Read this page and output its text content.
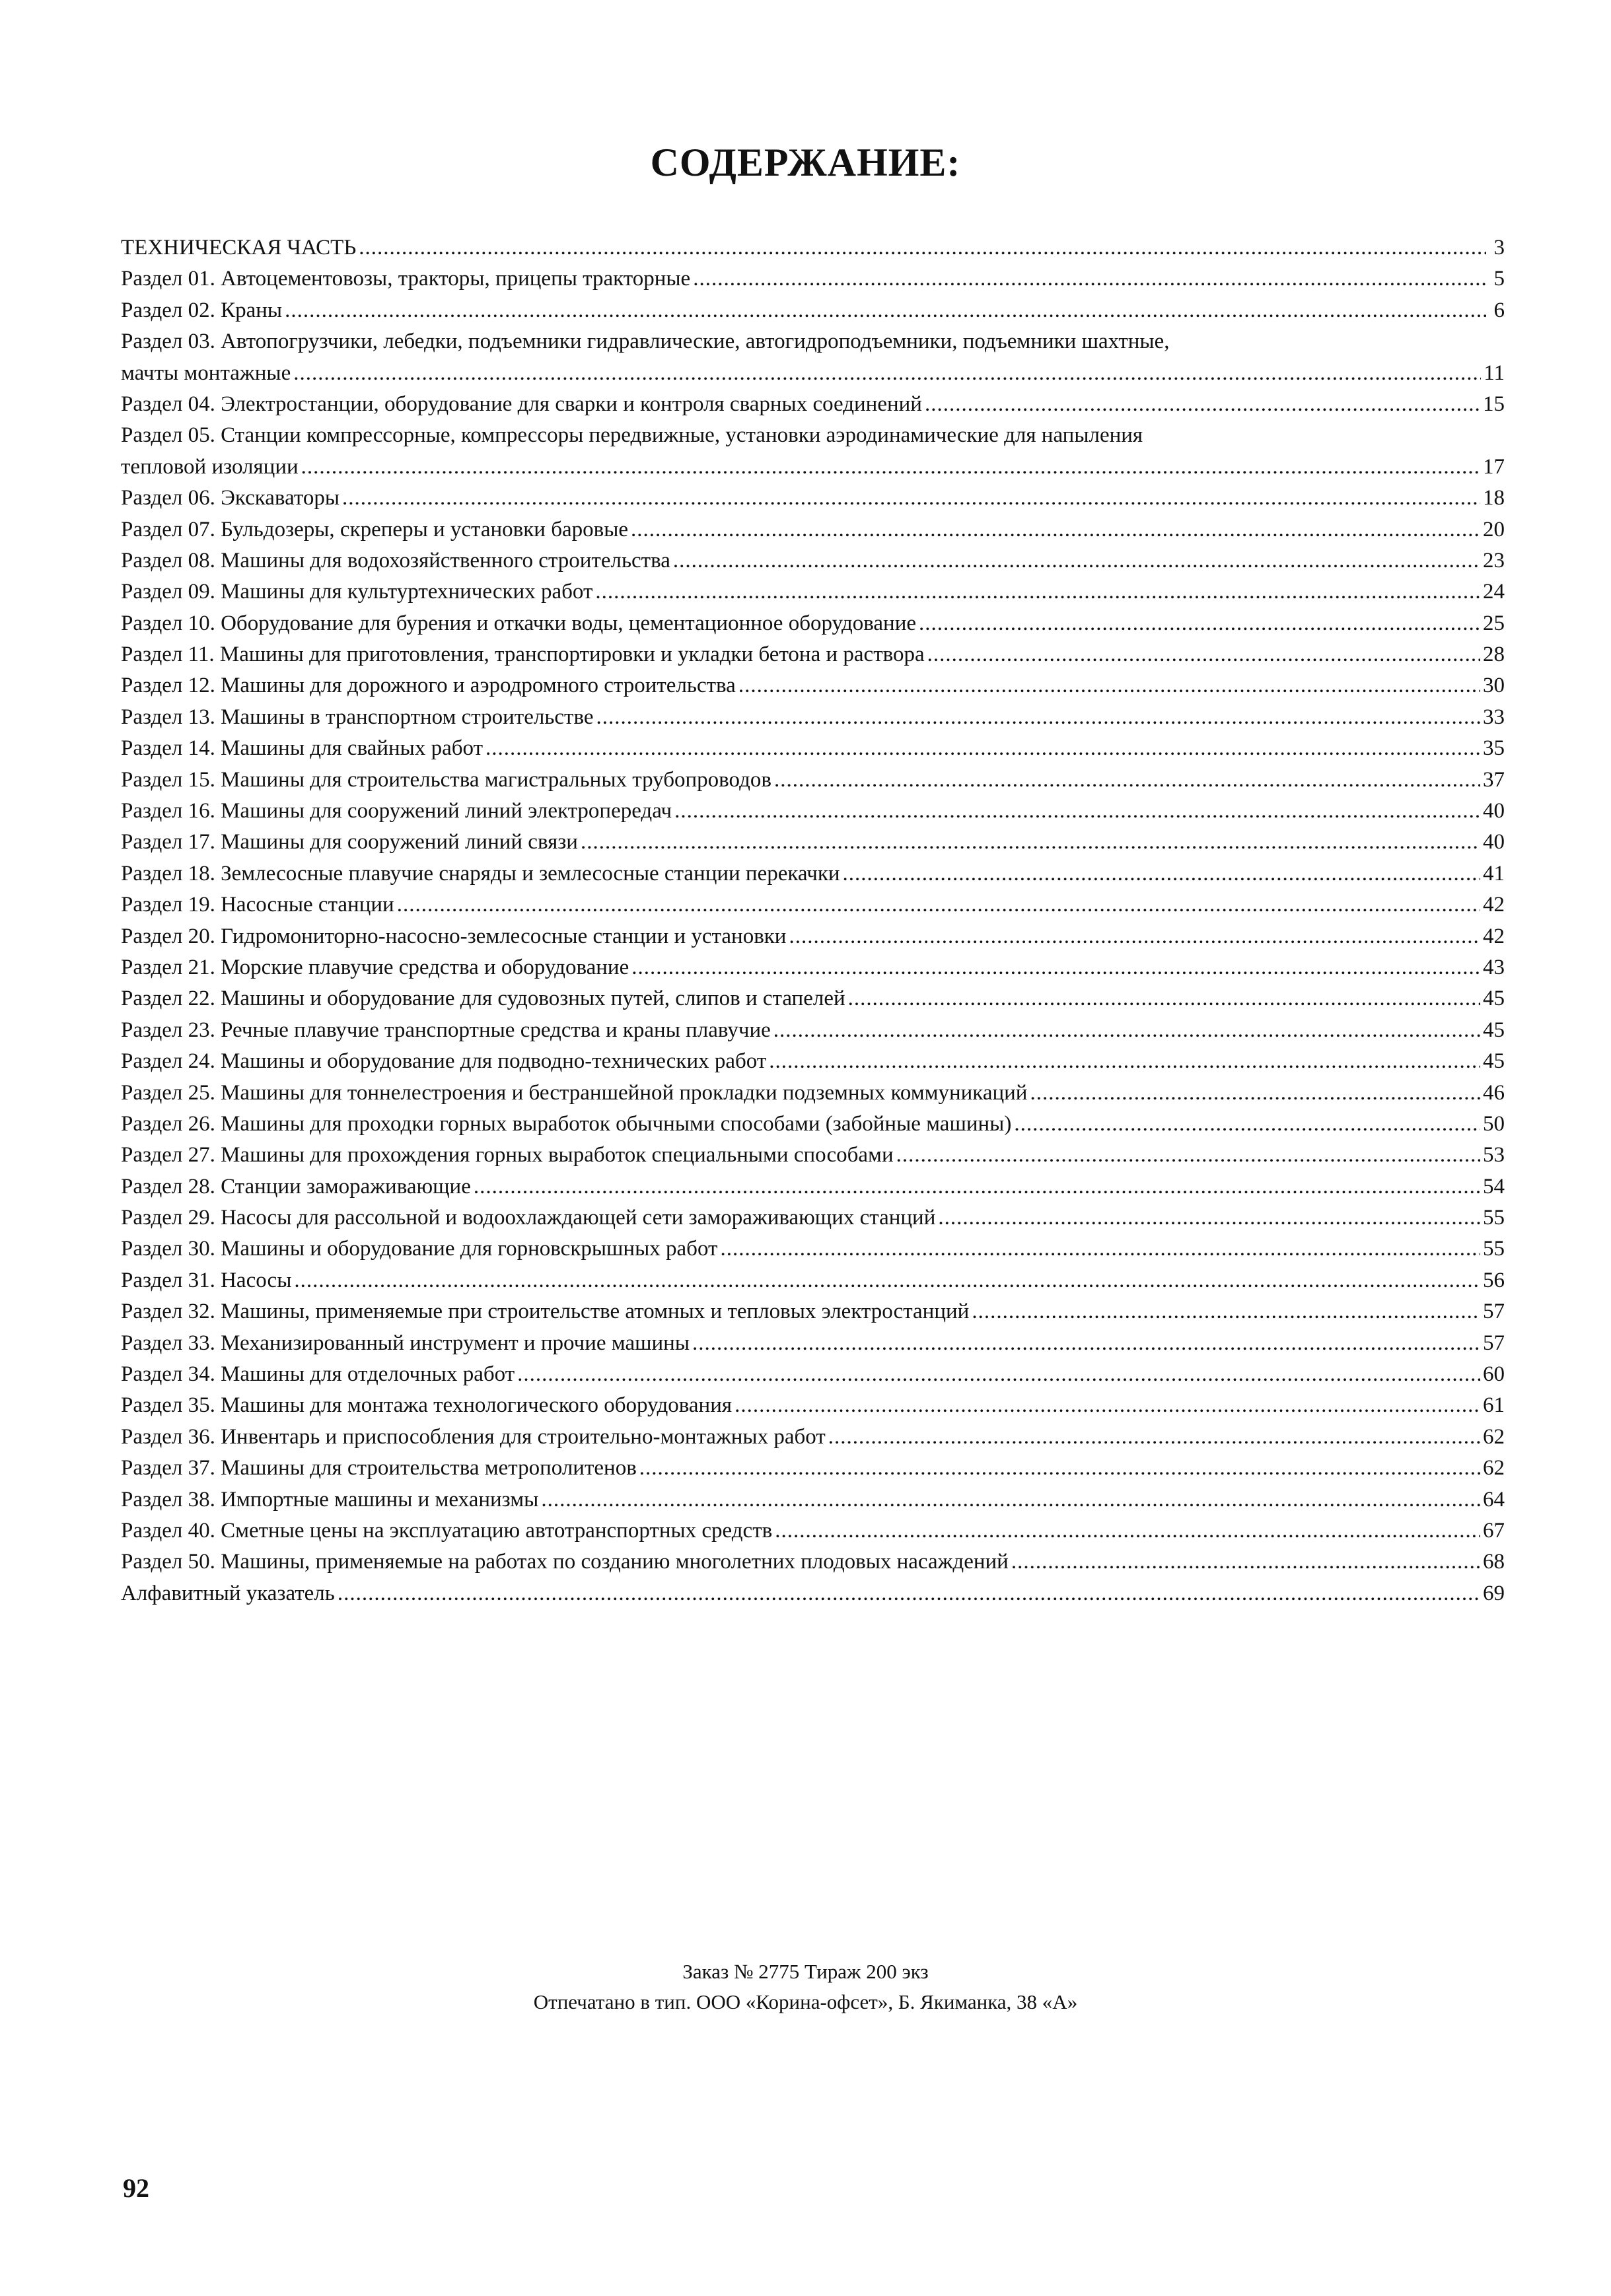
СОДЕРЖАНИЕ:
ТЕХНИЧЕСКАЯ ЧАСТЬ .....	3
Раздел 01. Автоцементовозы, тракторы, прицепы тракторные .....	5
Раздел 02. Краны .....	6
Раздел 03. Автопогрузчики, лебедки, подъемники гидравлические, автогидроподъемники, подъемники шахтные,
мачты монтажные .....	11
Раздел 04. Электростанции, оборудование для сварки и контроля сварных соединений .....	15
Раздел 05. Станции компрессорные, компрессоры передвижные, установки аэродинамические для напыления
тепловой изоляции .....	17
Раздел 06. Экскаваторы .....	18
Раздел 07. Бульдозеры, скреперы и установки баровые .....	20
Раздел 08. Машины для водохозяйственного строительства .....	23
Раздел 09. Машины для культуртехнических работ .....	24
Раздел 10. Оборудование для бурения и откачки воды, цементационное оборудование .....	25
Раздел 11. Машины для приготовления, транспортировки и укладки бетона и раствора .....	28
Раздел 12. Машины для дорожного и аэродромного строительства .....	30
Раздел 13. Машины в транспортном строительстве .....	33
Раздел 14. Машины для свайных работ .....	35
Раздел 15. Машины для строительства магистральных трубопроводов .....	37
Раздел 16. Машины для сооружений линий электропередач .....	40
Раздел 17. Машины для сооружений линий связи .....	40
Раздел 18. Землесосные плавучие снаряды и землесосные станции перекачки .....	41
Раздел 19. Насосные станции .....	42
Раздел 20. Гидромониторно-насосно-землесосные станции и установки .....	42
Раздел 21. Морские плавучие средства и оборудование .....	43
Раздел 22. Машины и оборудование для судовозных путей, слипов и стапелей .....	45
Раздел 23. Речные плавучие транспортные средства и краны плавучие .....	45
Раздел 24. Машины и оборудование для подводно-технических работ .....	45
Раздел 25. Машины для тоннелестроения и бестраншейной прокладки подземных коммуникаций .....	46
Раздел 26. Машины для проходки горных выработок обычными способами (забойные машины) .....	50
Раздел 27. Машины для прохождения горных выработок специальными способами .....	53
Раздел 28. Станции замораживающие .....	54
Раздел 29. Насосы для рассольной и водоохлаждающей сети замораживающих станций .....	55
Раздел 30. Машины и оборудование для горновскрышных работ .....	55
Раздел 31. Насосы .....	56
Раздел 32. Машины, применяемые при строительстве атомных и тепловых электростанций .....	57
Раздел 33. Механизированный инструмент и прочие машины .....	57
Раздел 34. Машины для отделочных работ .....	60
Раздел 35. Машины для монтажа технологического оборудования .....	61
Раздел 36. Инвентарь и приспособления для строительно-монтажных работ .....	62
Раздел 37. Машины для строительства метрополитенов .....	62
Раздел 38. Импортные машины и механизмы .....	64
Раздел 40. Сметные цены на эксплуатацию автотранспортных средств .....	67
Раздел 50. Машины, применяемые на работах по созданию многолетних плодовых насаждений .....	68
Алфавитный указатель .....	69
Заказ № 2775 Тираж 200 экз
Отпечатано в тип. ООО «Корина-офсет», Б. Якиманка, 38 «А»
92
